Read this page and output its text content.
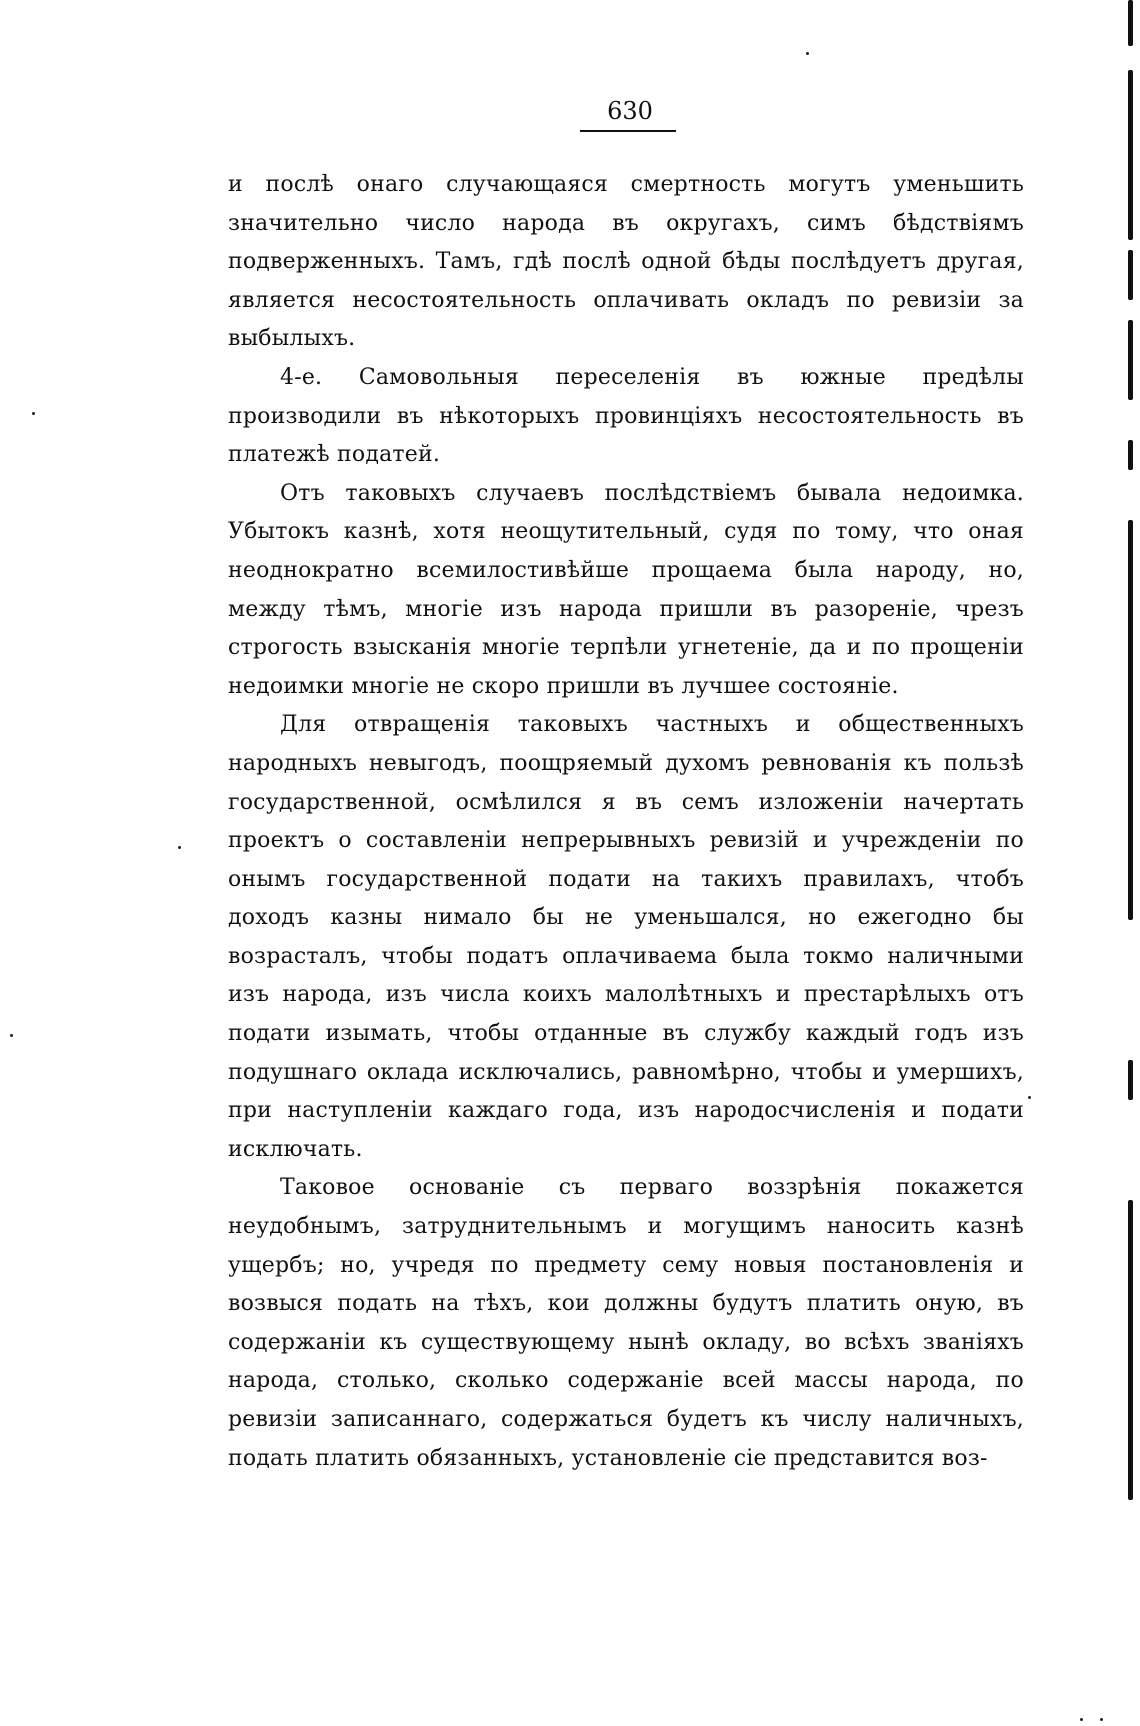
630

и послѣ онаго случающаяся смертность могутъ уменьшить значительно число народа въ округахъ, симъ бѣдствіямъ подверженныхъ. Тамъ, гдѣ послѣ одной бѣды послѣдуетъ другая, является несостоятельность оплачивать окладъ по ревизіи за выбылыхъ.

4-е. Самовольныя переселенія въ южные предѣлы производили въ нѣкоторыхъ провинціяхъ несостоятельность въ платежѣ податей.

Отъ таковыхъ случаевъ послѣдствіемъ бывала недоимка. Убытокъ казнѣ, хотя неощутительный, судя по тому, что оная неоднократно всемилостивѣйше прощаема была народу, но, между тѣмъ, многіе изъ народа пришли въ разореніе, чрезъ строгость взысканія многіе терпѣли угнетеніе, да и по прощеніи недоимки многіе не скоро пришли въ лучшее состояніе.

Для отвращенія таковыхъ частныхъ и общественныхъ народныхъ невыгодъ, поощряемый духомъ ревнованія къ пользѣ государственной, осмѣлился я въ семъ изложеніи начертать проектъ о составленіи непрерывныхъ ревизій и учрежденіи по онымъ государственной подати на такихъ правилахъ, чтобъ доходъ казны нимало бы не уменьшался, но ежегодно бы возрасталъ, чтобы податъ оплачиваема была токмо наличными изъ народа, изъ числа коихъ малолѣтныхъ и престарѣлыхъ отъ подати изымать, чтобы отданные въ службу каждый годъ изъ подушнаго оклада исключались, равномѣрно, чтобы и умершихъ, при наступленіи каждаго года, изъ народосчисленія и подати исключать.

Таковое основаніе съ перваго воззрѣнія покажется неудобнымъ, затруднительнымъ и могущимъ наносить казнѣ ущербъ; но, учредя по предмету сему новыя постановленія и возвыся подать на тѣхъ, кои должны будутъ платить оную, въ содержаніи къ существующему нынѣ окладу, во всѣхъ званіяхъ народа, столько, сколько содержаніе всей массы народа, по ревизіи записаннаго, содержаться будетъ къ числу наличныхъ, подать платить обязанныхъ, установленіе сіе представится воз-
